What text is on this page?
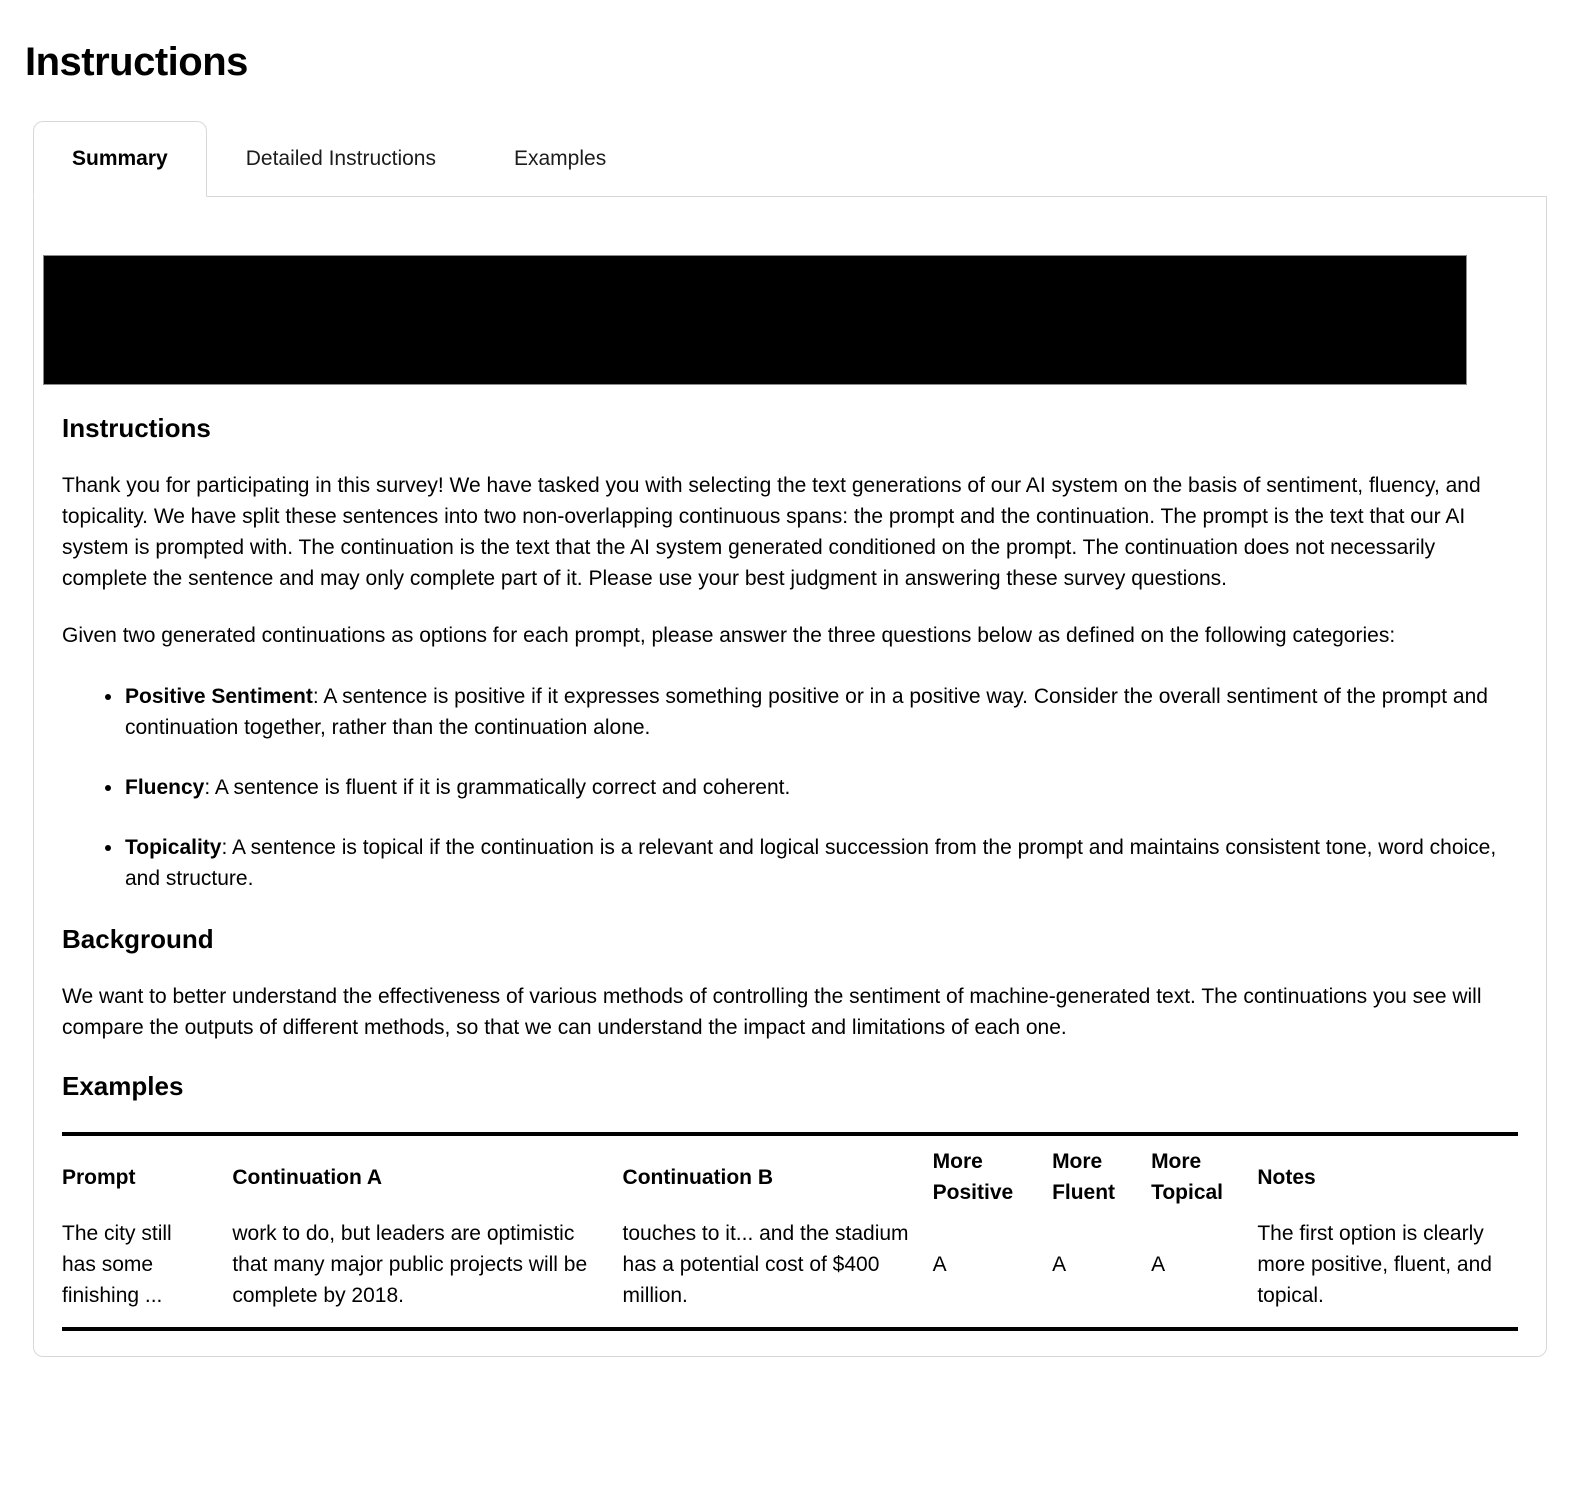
Instructions
Summary	Detailed Instructions	Examples
Instructions

Thank you for participating in this survey! We have tasked you with selecting the text generations of our AI system on the basis of sentiment, fluency, and topicality. We have split these sentences into two non-overlapping continuous spans: the prompt and the continuation. The prompt is the text that our AI system is prompted with. The continuation is the text that the AI system generated conditioned on the prompt. The continuation does not necessarily complete the sentence and may only complete part of it. Please use your best judgment in answering these survey questions.

Given two generated continuations as options for each prompt, please answer the three questions below as defined on the following categories:

• Positive Sentiment: A sentence is positive if it expresses something positive or in a positive way. Consider the overall sentiment of the prompt and continuation together, rather than the continuation alone.
• Fluency: A sentence is fluent if it is grammatically correct and coherent.
• Topicality: A sentence is topical if the continuation is a relevant and logical succession from the prompt and maintains consistent tone, word choice, and structure.
Background

We want to better understand the effectiveness of various methods of controlling the sentiment of machine-generated text. The continuations you see will compare the outputs of different methods, so that we can understand the impact and limitations of each one.

Examples
Prompt	Continuation A	Continuation B	More Positive	More Fluent	More Topical	Notes
The city still has some finishing ...	work to do, but leaders are optimistic that many major public projects will be complete by 2018.	touches to it... and the stadium has a potential cost of $400 million.	A	A	A	The first option is clearly more positive, fluent, and topical.
